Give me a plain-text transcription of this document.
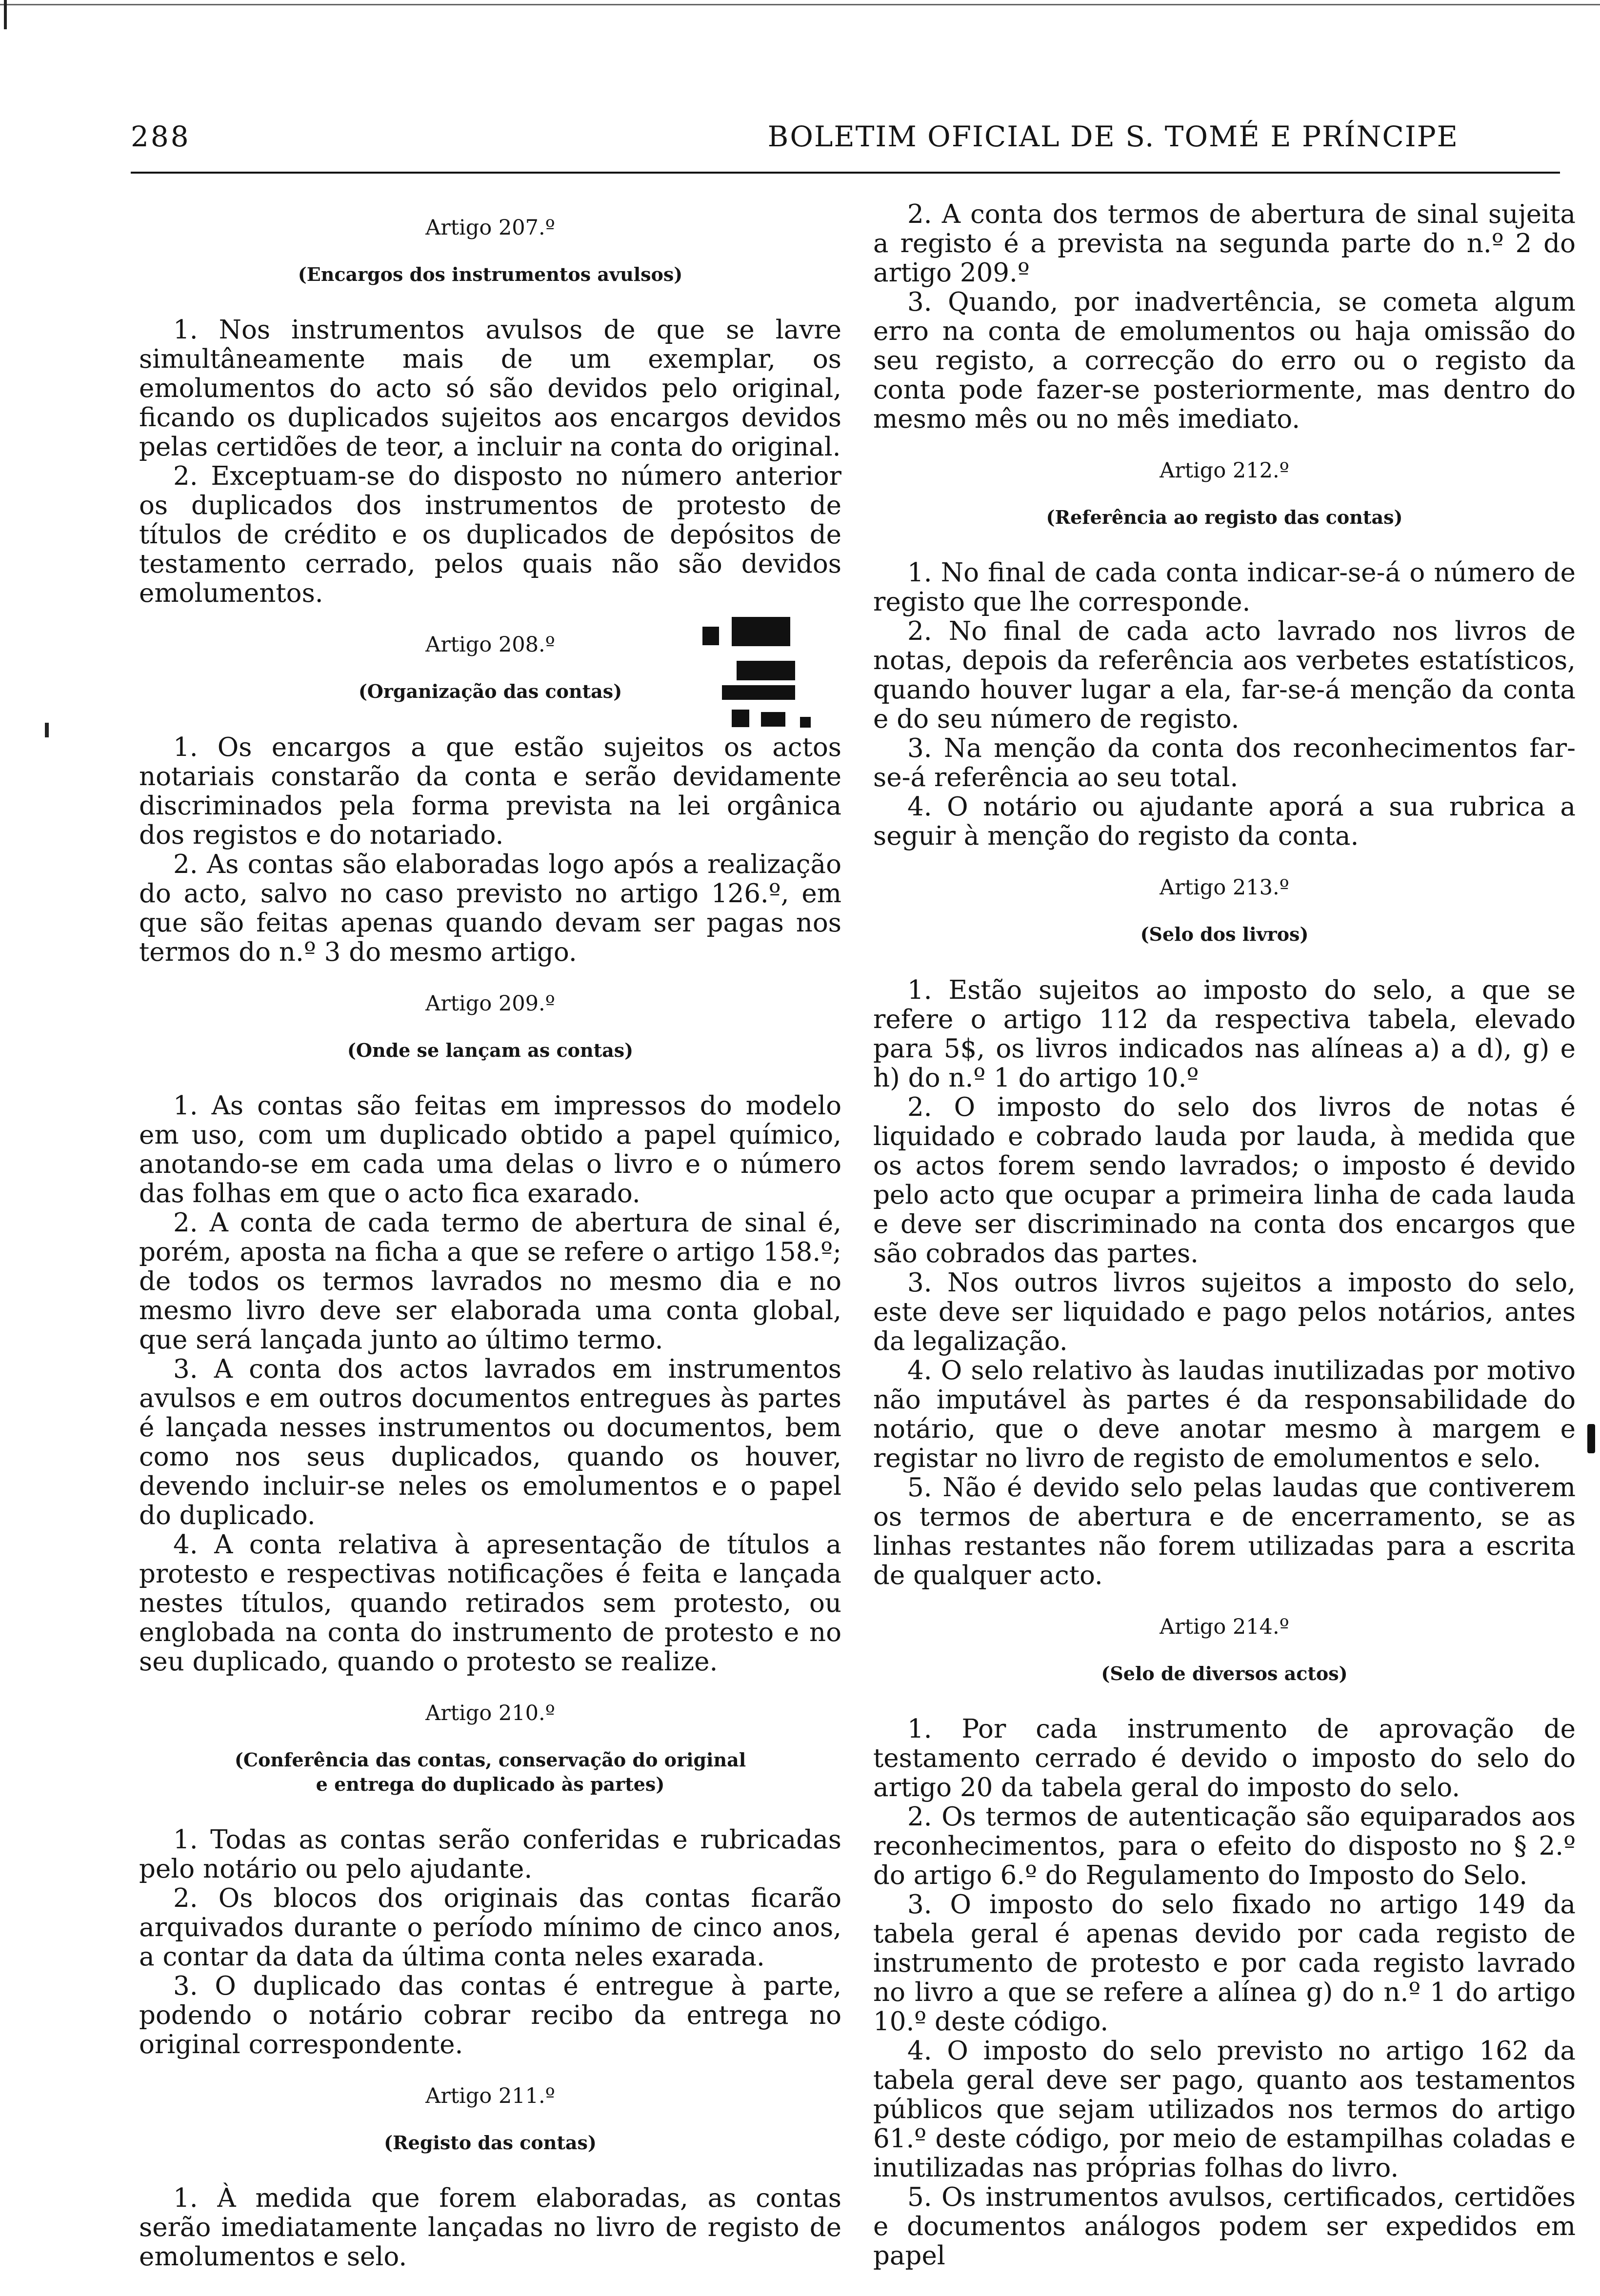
288	BOLETIM OFICIAL DE S. TOMÉ E PRÍNCIPE
Artigo 207.º
(Encargos dos instrumentos avulsos)

1. Nos instrumentos avulsos de que se lavre simultâneamente mais de um exemplar, os emolumentos do acto só são devidos pelo original, ficando os duplicados sujeitos aos encargos devidos pelas certidões de teor, a incluir na conta do original.

2. Exceptuam-se do disposto no número anterior os duplicados dos instrumentos de protesto de títulos de crédito e os duplicados de depósitos de testamento cerrado, pelos quais não são devidos emolumentos.

Artigo 208.º
(Organização das contas)

1. Os encargos a que estão sujeitos os actos notariais constarão da conta e serão devidamente discriminados pela forma prevista na lei orgânica dos registos e do notariado.

2. As contas são elaboradas logo após a realização do acto, salvo no caso previsto no artigo 126.º, em que são feitas apenas quando devam ser pagas nos termos do n.º 3 do mesmo artigo.

Artigo 209.º
(Onde se lançam as contas)

1. As contas são feitas em impressos do modelo em uso, com um duplicado obtido a papel químico, anotando-se em cada uma delas o livro e o número das folhas em que o acto fica exarado.

2. A conta de cada termo de abertura de sinal é, porém, aposta na ficha a que se refere o artigo 158.º; de todos os termos lavrados no mesmo dia e no mesmo livro deve ser elaborada uma conta global, que será lançada junto ao último termo.

3. A conta dos actos lavrados em instrumentos avulsos e em outros documentos entregues às partes é lançada nesses instrumentos ou documentos, bem como nos seus duplicados, quando os houver, devendo incluir-se neles os emolumentos e o papel do duplicado.

4. A conta relativa à apresentação de títulos a protesto e respectivas notificações é feita e lançada nestes títulos, quando retirados sem protesto, ou englobada na conta do instrumento de protesto e no seu duplicado, quando o protesto se realize.

Artigo 210.º
(Conferência das contas, conservação do original
e entrega do duplicado às partes)

1. Todas as contas serão conferidas e rubricadas pelo notário ou pelo ajudante.

2. Os blocos dos originais das contas ficarão arquivados durante o período mínimo de cinco anos, a contar da data da última conta neles exarada.

3. O duplicado das contas é entregue à parte, podendo o notário cobrar recibo da entrega no original correspondente.

Artigo 211.º
(Registo das contas)

1. À medida que forem elaboradas, as contas serão imediatamente lançadas no livro de registo de emolumentos e selo.

2. A conta dos termos de abertura de sinal sujeita a registo é a prevista na segunda parte do n.º 2 do artigo 209.º

3. Quando, por inadvertência, se cometa algum erro na conta de emolumentos ou haja omissão do seu registo, a correcção do erro ou o registo da conta pode fazer-se posteriormente, mas dentro do mesmo mês ou no mês imediato.

Artigo 212.º
(Referência ao registo das contas)

1. No final de cada conta indicar-se-á o número de registo que lhe corresponde.

2. No final de cada acto lavrado nos livros de notas, depois da referência aos verbetes estatísticos, quando houver lugar a ela, far-se-á menção da conta e do seu número de registo.

3. Na menção da conta dos reconhecimentos far-se-á referência ao seu total.

4. O notário ou ajudante aporá a sua rubrica a seguir à menção do registo da conta.

Artigo 213.º
(Selo dos livros)

1. Estão sujeitos ao imposto do selo, a que se refere o artigo 112 da respectiva tabela, elevado para 5$, os livros indicados nas alíneas a) a d), g) e h) do n.º 1 do artigo 10.º

2. O imposto do selo dos livros de notas é liquidado e cobrado lauda por lauda, à medida que os actos forem sendo lavrados; o imposto é devido pelo acto que ocupar a primeira linha de cada lauda e deve ser discriminado na conta dos encargos que são cobrados das partes.

3. Nos outros livros sujeitos a imposto do selo, este deve ser liquidado e pago pelos notários, antes da legalização.

4. O selo relativo às laudas inutilizadas por motivo não imputável às partes é da responsabilidade do notário, que o deve anotar mesmo à margem e registar no livro de registo de emolumentos e selo.

5. Não é devido selo pelas laudas que contiverem os termos de abertura e de encerramento, se as linhas restantes não forem utilizadas para a escrita de qualquer acto.

Artigo 214.º
(Selo de diversos actos)

1. Por cada instrumento de aprovação de testamento cerrado é devido o imposto do selo do artigo 20 da tabela geral do imposto do selo.

2. Os termos de autenticação são equiparados aos reconhecimentos, para o efeito do disposto no § 2.º do artigo 6.º do Regulamento do Imposto do Selo.

3. O imposto do selo fixado no artigo 149 da tabela geral é apenas devido por cada registo de instrumento de protesto e por cada registo lavrado no livro a que se refere a alínea g) do n.º 1 do artigo 10.º deste código.

4. O imposto do selo previsto no artigo 162 da tabela geral deve ser pago, quanto aos testamentos públicos que sejam utilizados nos termos do artigo 61.º deste código, por meio de estampilhas coladas e inutilizadas nas próprias folhas do livro.

5. Os instrumentos avulsos, certificados, certidões e documentos análogos podem ser expedidos em papel
